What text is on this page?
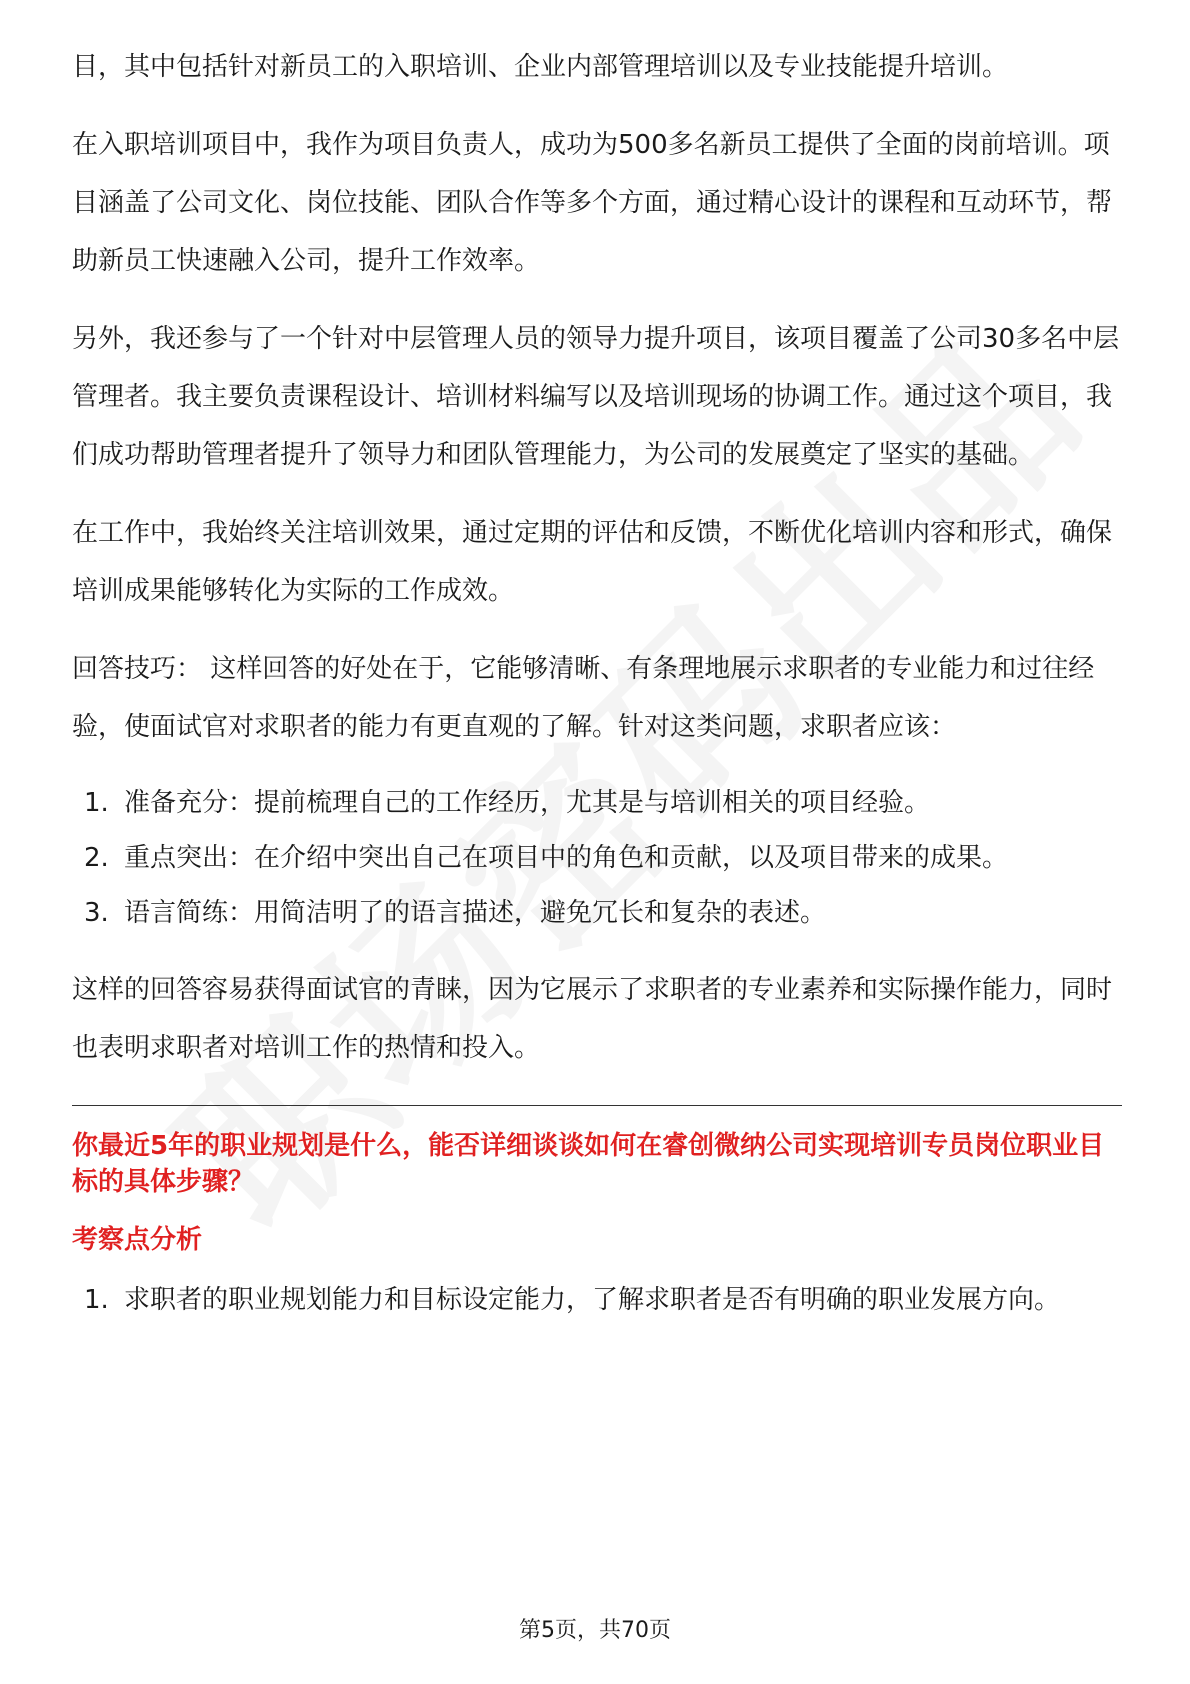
目，其中包括针对新员工的入职培训、企业内部管理培训以及专业技能提升培训。

在入职培训项目中，我作为项目负责人，成功为500多名新员工提供了全面的岗前培训。项目涵盖了公司文化、岗位技能、团队合作等多个方面，通过精心设计的课程和互动环节，帮助新员工快速融入公司，提升工作效率。

另外，我还参与了一个针对中层管理人员的领导力提升项目，该项目覆盖了公司30多名中层管理者。我主要负责课程设计、培训材料编写以及培训现场的协调工作。通过这个项目，我们成功帮助管理者提升了领导力和团队管理能力，为公司的发展奠定了坚实的基础。

在工作中，我始终关注培训效果，通过定期的评估和反馈，不断优化培训内容和形式，确保培训成果能够转化为实际的工作成效。

回答技巧： 这样回答的好处在于，它能够清晰、有条理地展示求职者的专业能力和过往经验，使面试官对求职者的能力有更直观的了解。针对这类问题，求职者应该：

1. 准备充分：提前梳理自己的工作经历，尤其是与培训相关的项目经验。
2. 重点突出：在介绍中突出自己在项目中的角色和贡献，以及项目带来的成果。
3. 语言简练：用简洁明了的语言描述，避免冗长和复杂的表述。

这样的回答容易获得面试官的青睐，因为它展示了求职者的专业素养和实际操作能力，同时也表明求职者对培训工作的热情和投入。

你最近5年的职业规划是什么，能否详细谈谈如何在睿创微纳公司实现培训专员岗位职业目标的具体步骤？

考察点分析

1. 求职者的职业规划能力和目标设定能力，了解求职者是否有明确的职业发展方向。
第5页，共70页
